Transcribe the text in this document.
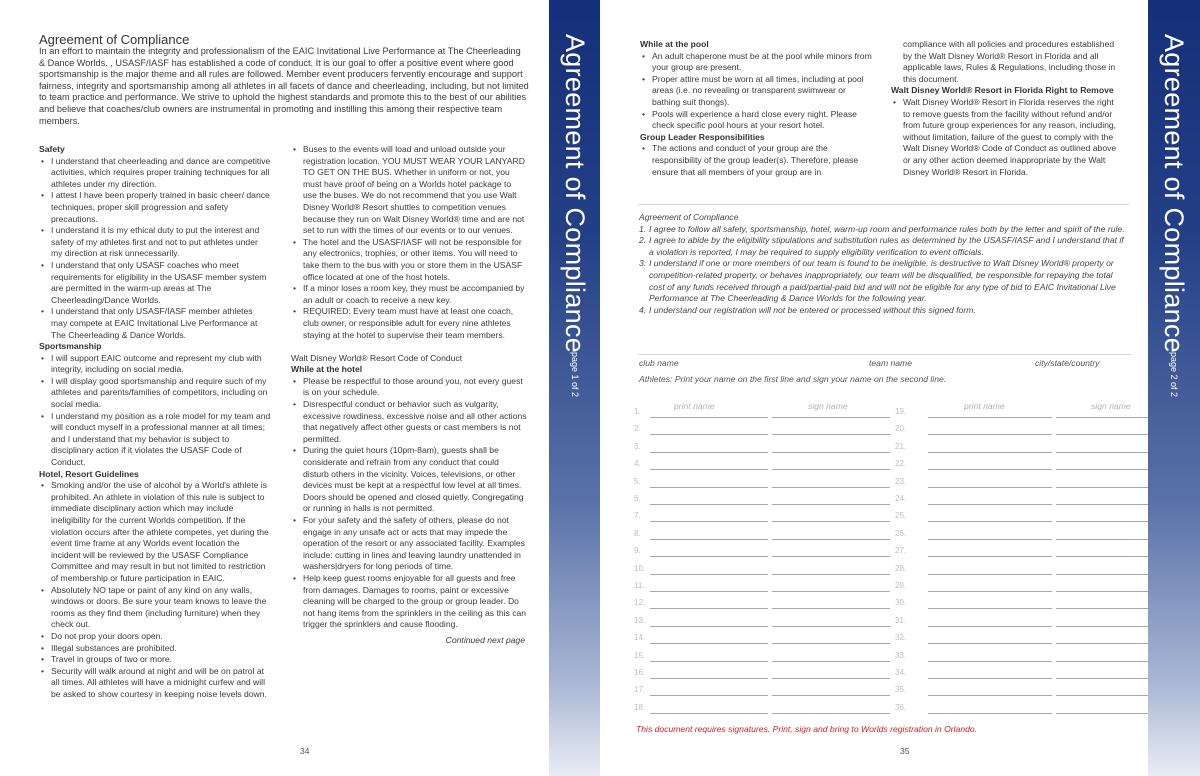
Agreement of Compliance
In an effort to maintain the integrity and professionalism of the EAIC Invitational Live Performance at The Cheerleading & Dance Worlds. , USASF/IASF has established a code of conduct. It is our goal to offer a positive event where good sportsmanship is the major theme and all rules are followed. Member event producers fervently encourage and support fairness, integrity and sportsmanship among all athletes in all facets of dance and cheerleading, including, but not limited to team practice and performance. We strive to uphold the highest standards and promote this to the best of our abilities and believe that coaches/club owners are instrumental in promoting and instilling this among their respective team members.
Safety
• I understand that cheerleading and dance are competitive activities, which requires proper training techniques for all athletes under my direction.
• I attest I have been properly trained in basic cheer/ dance techniques, proper skill progression and safety precautions.
• I understand it is my ethical duty to put the interest and safety of my athletes first and not to put athletes under my direction at risk unnecessarily.
• I understand that only USASF coaches who meet requirements for eligibility in the USASF member system are permitted in the warm-up areas at The Cheerleading/Dance Worlds.
• I understand that only USASF/IASF member athletes may compete at EAIC Invitational Live Performance at The Cheerleading & Dance Worlds.
Sportsmanship
• I will support EAIC outcome and represent my club with integrity, including on social media.
• I will display good sportsmanship and require such of my athletes and parents/families of competitors, including on social media.
• I understand my position as a role model for my team and will conduct myself in a professional manner at all times; and I understand that my behavior is subject to disciplinary action if it violates the USASF Code of Conduct.
Hotel, Resort Guidelines
• Smoking and/or the use of alcohol by a World's athlete is prohibited. An athlete in violation of this rule is subject to immediate disciplinary action which may include ineligibility for the current Worlds competition. If the violation occurs after the athlete competes, yet during the event time frame at any Worlds event location the incident will be reviewed by the USASF Compliance Committee and may result in but not limited to restriction of membership or future participation in EAIC.
• Absolutely NO tape or paint of any kind on any walls, windows or doors. Be sure your team knows to leave the rooms as they find them (including furniture) when they check out.
• Do not prop your doors open.
• Illegal substances are prohibited.
• Travel in groups of two or more.
• Security will walk around at night and will be on patrol at all times. All athletes will have a midnight curfew and will be asked to show courtesy in keeping noise levels down.
• Buses to the events will load and unload outside your registration location. YOU MUST WEAR YOUR LANYARD TO GET ON THE BUS. Whether in uniform or not, you must have proof of being on a Worlds hotel package to use the buses. We do not recommend that you use Walt Disney World® Resort shuttles to competition venues because they run on Walt Disney World® time and are not set to run with the times of our events or to our venues.
• The hotel and the USASF/IASF will not be responsible for any electronics, trophies, or other items. You will need to take them to the bus with you or store them in the USASF office located at one of the host hotels.
• If a minor loses a room key, they must be accompanied by an adult or coach to receive a new key.
• REQUIRED: Every team must have at least one coach, club owner, or responsible adult for every nine athletes staying at the hotel to supervise their team members.
Walt Disney World® Resort Code of Conduct
While at the hotel
• Please be respectful to those around you, not every guest is on your schedule.
• Disrespectful conduct or behavior such as vulgarity, excessive rowdiness, excessive noise and all other actions that negatively affect other guests or cast members is not permitted.
• During the quiet hours (10pm-8am), guests shall be considerate and refrain from any conduct that could disturb others in the vicinity. Voices, televisions, or other devices must be kept at a respectful low level at all times. Doors should be opened and closed quietly. Congregating or running in halls is not permitted.
• For your safety and the safety of others, please do not engage in any unsafe act or acts that may impede the operation of the resort or any associated facility. Examples include: cutting in lines and leaving laundry unattended in washers|dryers for long periods of time.
• Help keep guest rooms enjoyable for all guests and free from damages. Damages to rooms, paint or excessive cleaning will be charged to the group or group leader. Do not hang items from the sprinklers in the ceiling as this can trigger the sprinklers and cause flooding.
Continued next page
34
Agreement of Compliance
page 1 of 2
While at the pool
• An adult chaperone must be at the pool while minors from your group are present.
• Proper attire must be worn at all times, including at pool areas (i.e. no revealing or transparent swimwear or bathing suit thongs).
• Pools will experience a hard close every night. Please check specific pool hours at your resort hotel.
Group Leader Responsibilities
• The actions and conduct of your group are the responsibility of the group leader(s). Therefore, please ensure that all members of your group are in
compliance with all policies and procedures established by the Walt Disney World® Resort in Florida and all applicable laws, Rules & Regulations, including those in this document.
Walt Disney World® Resort in Florida Right to Remove
• Walt Disney World® Resort in Florida reserves the right to remove guests from the facility without refund and/or from future group experiences for any reason, including, without limitation, failure of the guest to comply with the Walt Disney World® Code of Conduct as outlined above or any other action deemed inappropriate by the Walt Disney World® Resort in Florida.
Agreement of Compliance
1. I agree to follow all safety, sportsmanship, hotel, warm-up room and performance rules both by the letter and spirit of the rule.
2. I agree to abide by the eligibility stipulations and substitution rules as determined by the USASF/IASF and I understand that if a violation is reported, I may be required to supply eligibility verification to event officials.
3. I understand if one or more members of our team is found to be ineligible, is destructive to Walt Disney World® property or competition-related property, or behaves inappropriately, our team will be disqualified, be responsible for repaying the total cost of any funds received through a paid/partial-paid bid and will not be eligible for any type of bid to EAIC Invitational Live Performance at The Cheerleading & Dance Worlds for the following year.
4. I understand our registration will not be entered or processed without this signed form.
club name	team name	city/state/country
Athletes: Print your name on the first line and sign your name on the second line.
print name	sign name	print name	sign name
1.	19.
2.	20.
3.	21.
4.	22.
5.	23.
6.	24.
7.	25.
8.	26.
9.	27.
10.	28.
11.	29.
12.	30.
13.	31.
14.	32.
15.	33.
16.	34.
17.	35.
18.	36.
This document requires signatures. Print, sign and bring to Worlds registration in Orlando.
35
Agreement of Compliance
page 2 of 2
